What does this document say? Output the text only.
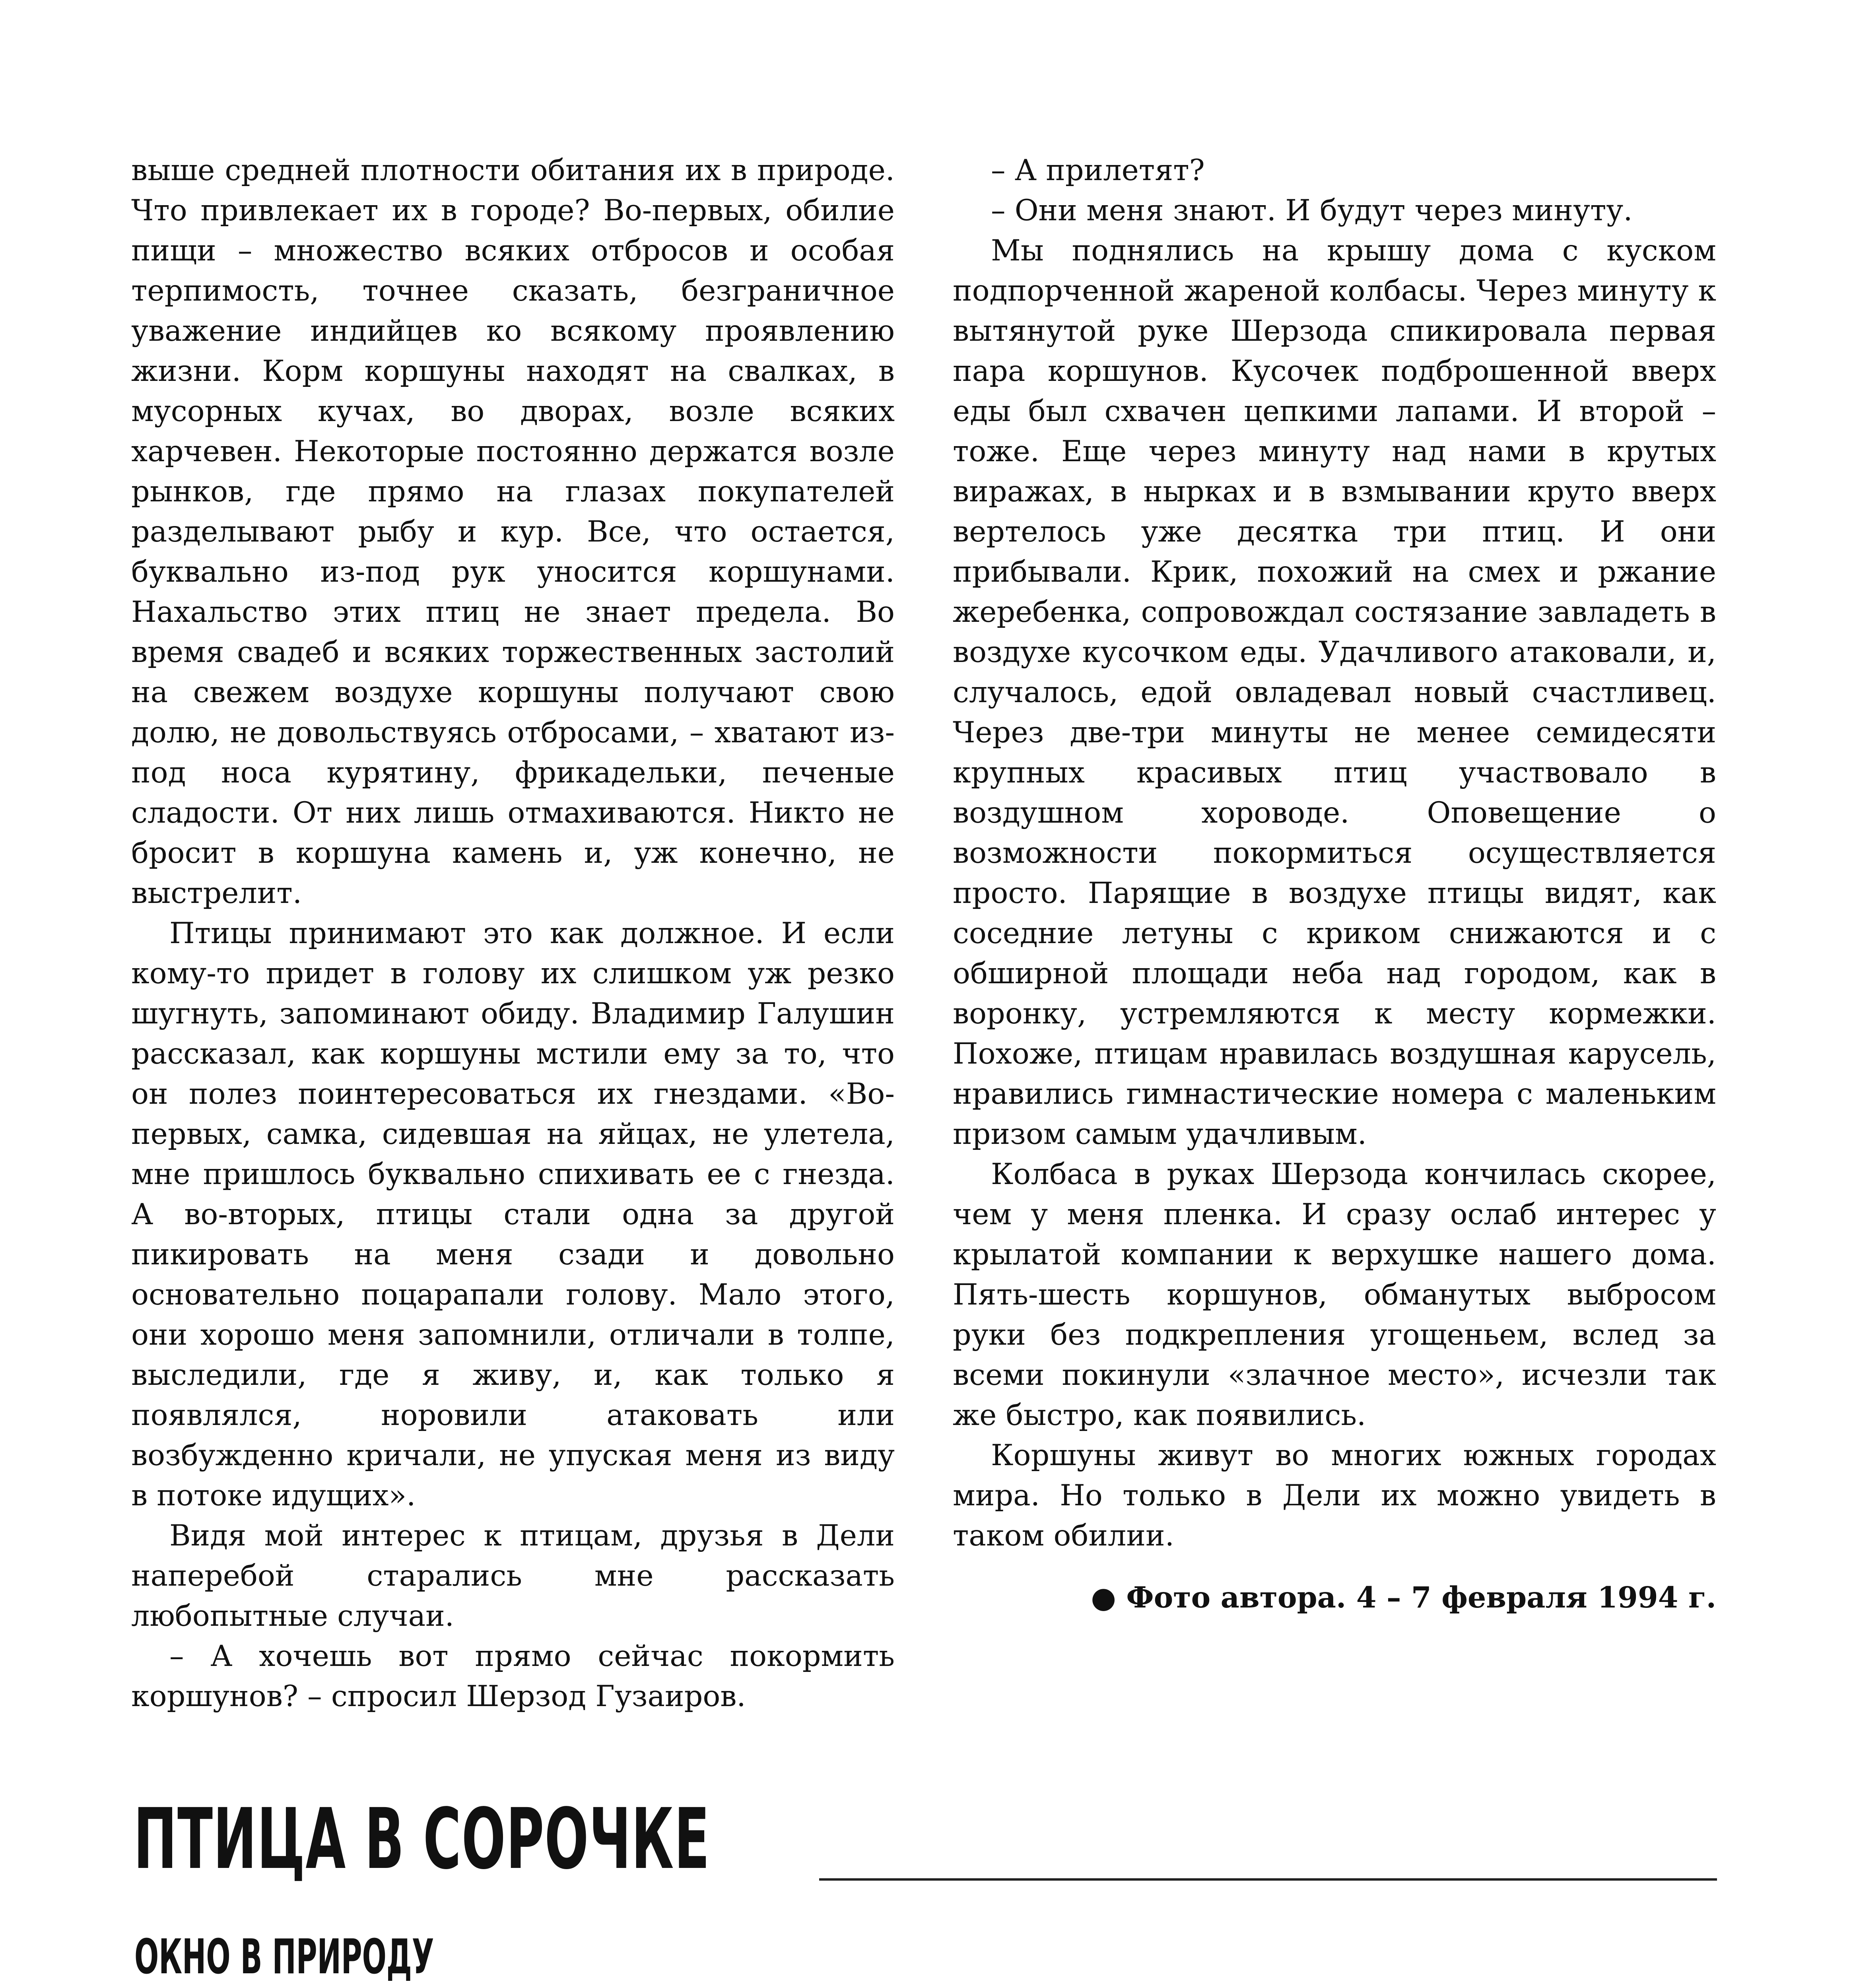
выше средней плотности обитания их в природе. Что привлекает их в городе? Во-первых, обилие пищи – множество всяких отбросов и особая терпимость, точнее сказать, безграничное уважение индийцев ко всякому проявлению жизни. Корм коршуны находят на свалках, в мусорных кучах, во дворах, возле всяких харчевен. Некоторые постоянно держатся возле рынков, где прямо на глазах покупателей разделывают рыбу и кур. Все, что остается, буквально из-под рук уносится коршунами. Нахальство этих птиц не знает предела. Во время свадеб и всяких торжественных застолий на свежем воздухе коршуны получают свою долю, не довольствуясь отбросами, – хватают из-под носа курятину, фрикадельки, печеные сладости. От них лишь отмахиваются. Никто не бросит в коршуна камень и, уж конечно, не выстрелит.

Птицы принимают это как должное. И если кому-то придет в голову их слишком уж резко шугнуть, запоминают обиду. Владимир Галушин рассказал, как коршуны мстили ему за то, что он полез поинтересоваться их гнездами. «Во-первых, самка, сидевшая на яйцах, не улетела, мне пришлось буквально спихивать ее с гнезда. А во-вторых, птицы стали одна за другой пикировать на меня сзади и довольно основательно поцарапали голову. Мало этого, они хорошо меня запомнили, отличали в толпе, выследили, где я живу, и, как только я появлялся, норовили атаковать или возбужденно кричали, не упуская меня из виду в потоке идущих».

Видя мой интерес к птицам, друзья в Дели наперебой старались мне рассказать любопытные случаи.

– А хочешь вот прямо сейчас покормить коршунов? – спросил Шерзод Гузаиров.

– А прилетят?

– Они меня знают. И будут через минуту.

Мы поднялись на крышу дома с куском подпорченной жареной колбасы. Через минуту к вытянутой руке Шерзода спикировала первая пара коршунов. Кусочек подброшенной вверх еды был схвачен цепкими лапами. И второй – тоже. Еще через минуту над нами в крутых виражах, в нырках и в взмывании круто вверх вертелось уже десятка три птиц. И они прибывали. Крик, похожий на смех и ржание жеребенка, сопровождал состязание завладеть в воздухе кусочком еды. Удачливого атаковали, и, случалось, едой овладевал новый счастливец. Через две-три минуты не менее семидесяти крупных красивых птиц участвовало в воздушном хороводе. Оповещение о возможности покормиться осуществляется просто. Парящие в воздухе птицы видят, как соседние летуны с криком снижаются и с обширной площади неба над городом, как в воронку, устремляются к месту кормежки. Похоже, птицам нравилась воздушная карусель, нравились гимнастические номера с маленьким призом самым удачливым.

Колбаса в руках Шерзода кончилась скорее, чем у меня пленка. И сразу ослаб интерес у крылатой компании к верхушке нашего дома. Пять-шесть коршунов, обманутых выбросом руки без подкрепления угощеньем, вслед за всеми покинули «злачное место», исчезли так же быстро, как появились.

Коршуны живут во многих южных городах мира. Но только в Дели их можно увидеть в таком обилии.

● Фото автора. 4 – 7 февраля 1994 г.
ПТИЦА В СОРОЧКЕ
ОКНО В ПРИРОДУ
